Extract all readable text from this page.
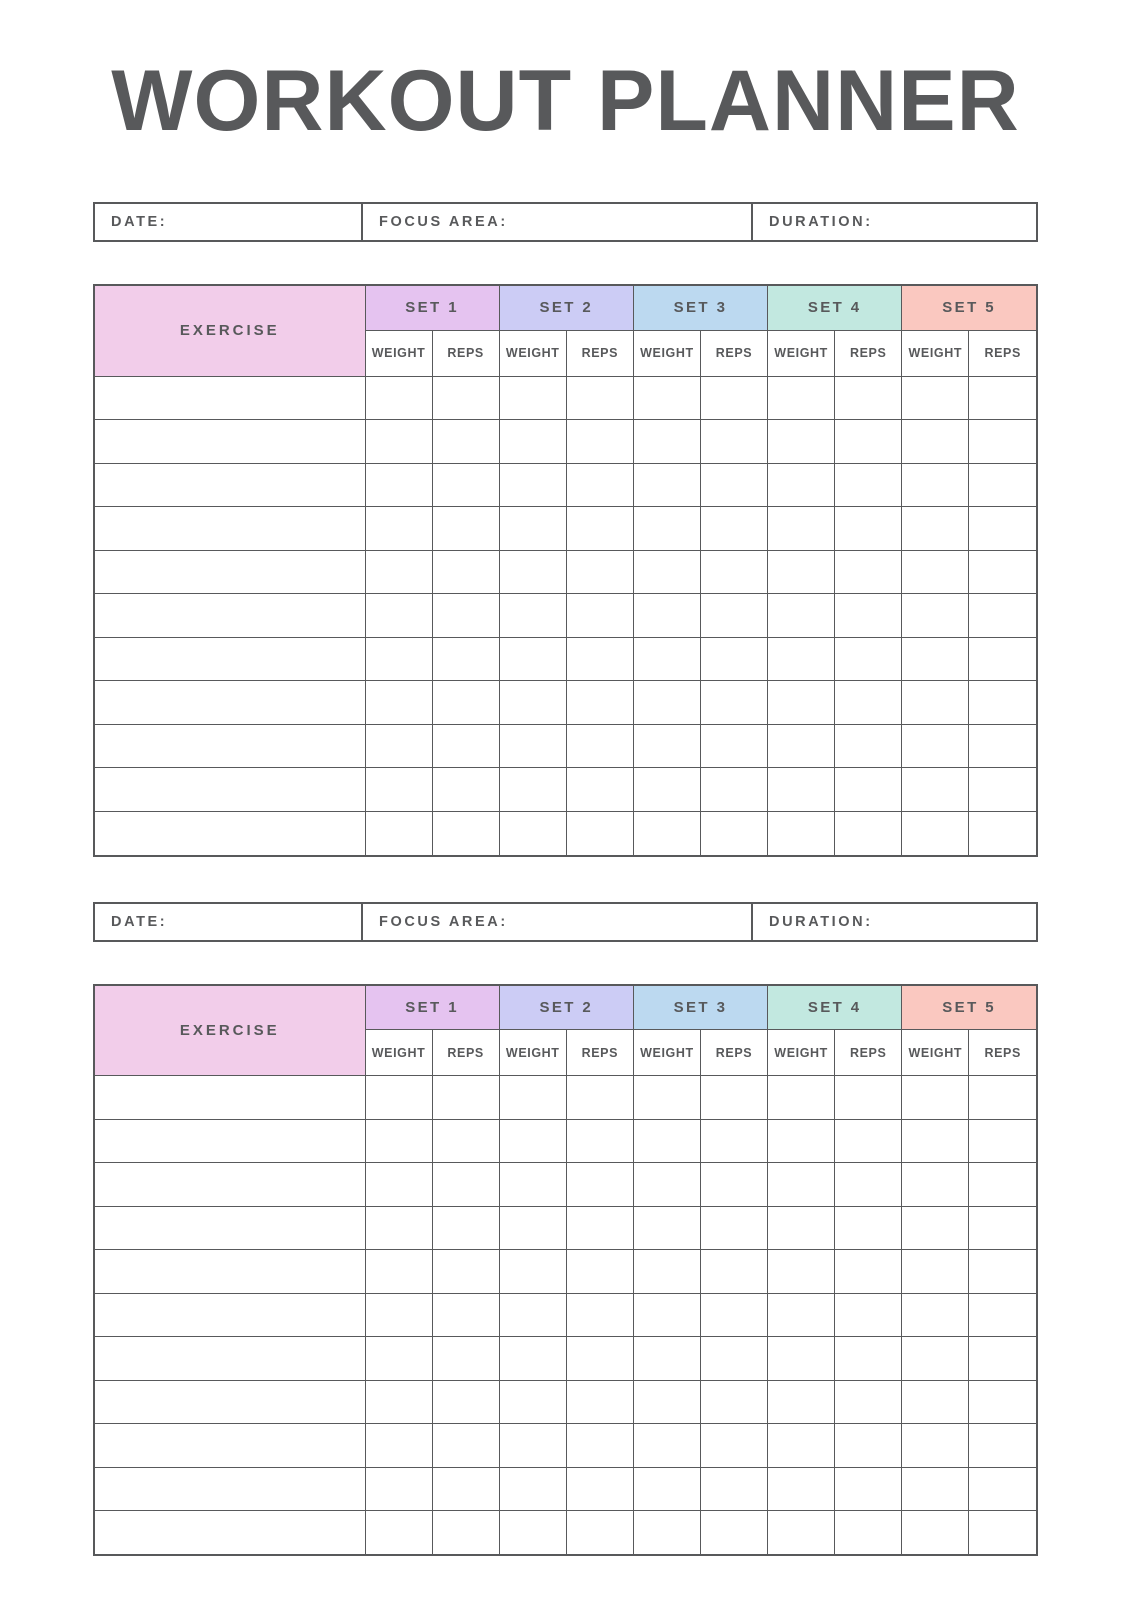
WORKOUT PLANNER
DATE:	FOCUS AREA:	DURATION:
EXERCISE	SET 1		SET 2		SET 3		SET 4		SET 5	
	WEIGHT	REPS	WEIGHT	REPS	WEIGHT	REPS	WEIGHT	REPS	WEIGHT	REPS

DATE:	FOCUS AREA:	DURATION:
EXERCISE	SET 1		SET 2		SET 3		SET 4		SET 5	
	WEIGHT	REPS	WEIGHT	REPS	WEIGHT	REPS	WEIGHT	REPS	WEIGHT	REPS
